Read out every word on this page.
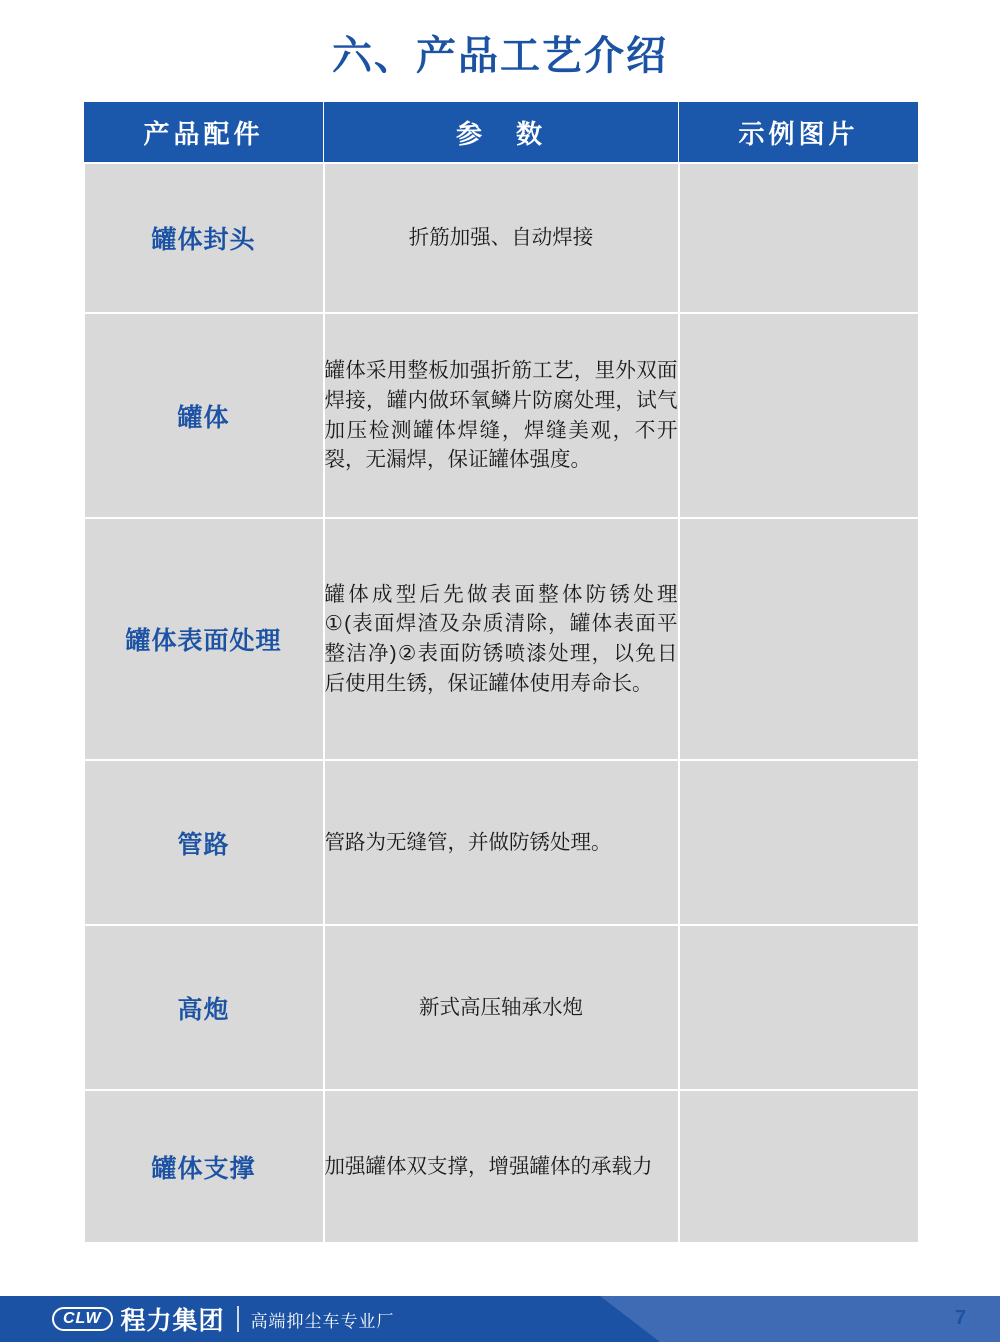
六、产品工艺介绍
产品配件	参　数	示例图片
罐体封头	折筋加强、自动焊接	

罐体	罐体采用整板加强折筋工艺，里外双面焊接，罐内做环氧鳞片防腐处理，试气加压检测罐体焊缝，焊缝美观，不开裂，无漏焊，保证罐体强度。	

罐体表面处理	罐体成型后先做表面整体防锈处理①(表面焊渣及杂质清除，罐体表面平整洁净)②表面防锈喷漆处理，以免日后使用生锈，保证罐体使用寿命长。	

管路	管路为无缝管，并做防锈处理。	

高炮	新式高压轴承水炮	

罐体支撑	加强罐体双支撑，增强罐体的承载力	
CLW 程力集团 高端抑尘车专业厂	7
